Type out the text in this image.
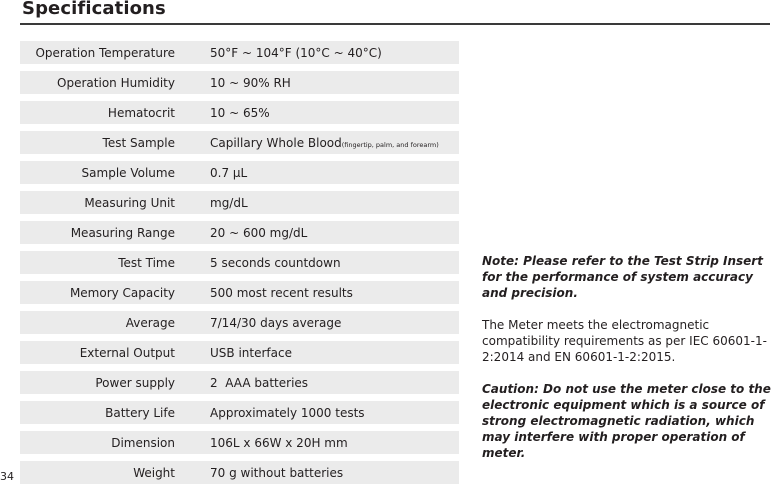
Specifications
Operation Temperature	50°F ~ 104°F (10°C ~ 40°C)
Operation Humidity	10 ~ 90% RH
Hematocrit	10 ~ 65%
Test Sample	Capillary Whole Blood(fingertip, palm, and forearm)
Sample Volume	0.7 µL
Measuring Unit	mg/dL
Measuring Range	20 ~ 600 mg/dL
Test Time	5 seconds countdown
Memory Capacity	500 most recent results
Average	7/14/30 days average
External Output	USB interface
Power supply	2  AAA batteries
Battery Life	Approximately 1000 tests
Dimension	106L x 66W x 20H mm
Weight	70 g without batteries

Note: Please refer to the Test Strip Insert for the performance of system accuracy and precision.

The Meter meets the electromagnetic compatibility requirements as per IEC 60601-1-2:2014 and EN 60601-1-2:2015.

Caution: Do not use the meter close to the electronic equipment which is a source of strong electromagnetic radiation, which may interfere with proper operation of meter.

34
